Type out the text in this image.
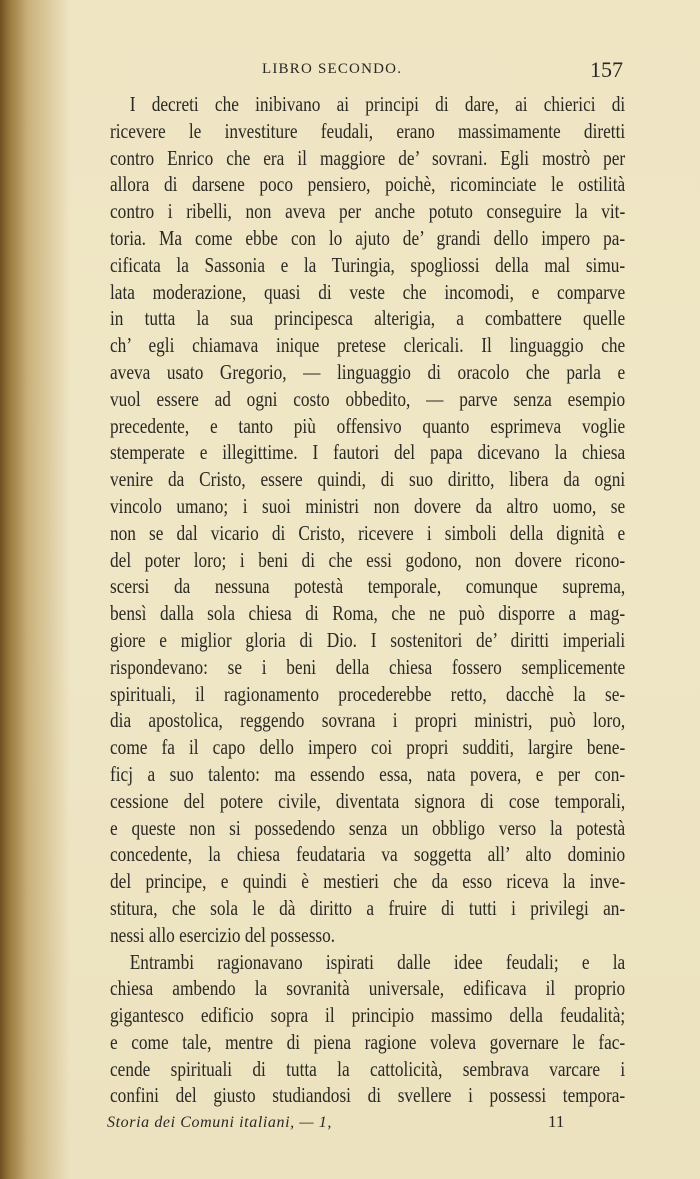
LIBRO SECONDO.	157
I decreti che inibivano ai principi di dare, ai chierici di
ricevere le investiture feudali, erano massimamente diretti
contro Enrico che era il maggiore de’ sovrani. Egli mostrò per
allora di darsene poco pensiero, poichè, ricominciate le ostilità
contro i ribelli, non aveva per anche potuto conseguire la vit-
toria. Ma come ebbe con lo ajuto de’ grandi dello impero pa-
cificata la Sassonia e la Turingia, spogliossi della mal simu-
lata moderazione, quasi di veste che incomodi, e comparve
in tutta la sua principesca alterigia, a combattere quelle
ch’ egli chiamava inique pretese clericali. Il linguaggio che
aveva usato Gregorio, — linguaggio di oracolo che parla e
vuol essere ad ogni costo obbedito, — parve senza esempio
precedente, e tanto più offensivo quanto esprimeva voglie
stemperate e illegittime. I fautori del papa dicevano la chiesa
venire da Cristo, essere quindi, di suo diritto, libera da ogni
vincolo umano; i suoi ministri non dovere da altro uomo, se
non se dal vicario di Cristo, ricevere i simboli della dignità e
del poter loro; i beni di che essi godono, non dovere ricono-
scersi da nessuna potestà temporale, comunque suprema,
bensì dalla sola chiesa di Roma, che ne può disporre a mag-
giore e miglior gloria di Dio. I sostenitori de’ diritti imperiali
rispondevano: se i beni della chiesa fossero semplicemente
spirituali, il ragionamento procederebbe retto, dacchè la se-
dia apostolica, reggendo sovrana i propri ministri, può loro,
come fa il capo dello impero coi propri sudditi, largire bene-
ficj a suo talento: ma essendo essa, nata povera, e per con-
cessione del potere civile, diventata signora di cose temporali,
e queste non si possedendo senza un obbligo verso la potestà
concedente, la chiesa feudataria va soggetta all’ alto dominio
del principe, e quindi è mestieri che da esso riceva la inve-
stitura, che sola le dà diritto a fruire di tutti i privilegi an-
nessi allo esercizio del possesso.
Entrambi ragionavano ispirati dalle idee feudali; e la
chiesa ambendo la sovranità universale, edificava il proprio
gigantesco edificio sopra il principio massimo della feudalità;
e come tale, mentre di piena ragione voleva governare le fac-
cende spirituali di tutta la cattolicità, sembrava varcare i
confini del giusto studiandosi di svellere i possessi tempora-
Storia dei Comuni italiani, — 1,	11
